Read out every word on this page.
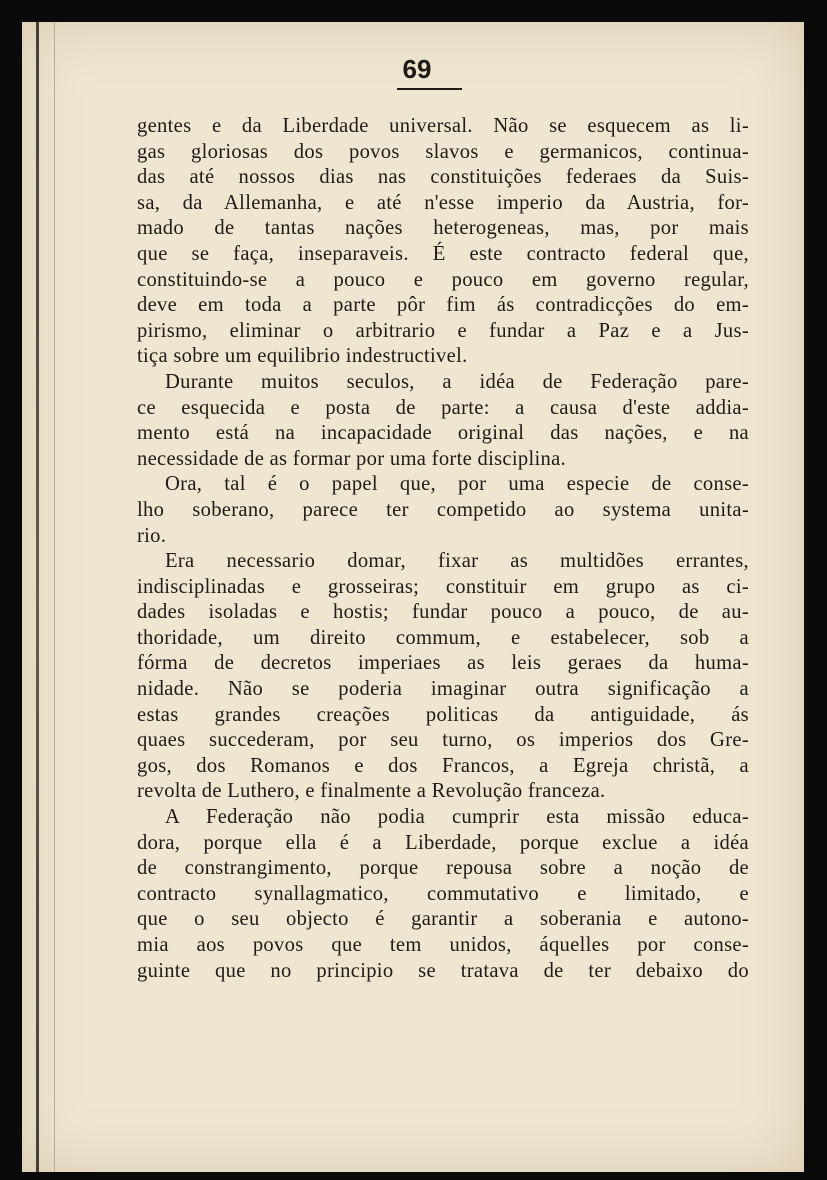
69
gentes e da Liberdade universal. Não se esquecem as li-
gas gloriosas dos povos slavos e germanicos, continua-
das até nossos dias nas constituições federaes da Suis-
sa, da Allemanha, e até n'esse imperio da Austria, for-
mado de tantas nações heterogeneas, mas, por mais
que se faça, inseparaveis. É este contracto federal que,
constituindo-se a pouco e pouco em governo regular,
deve em toda a parte pôr fim ás contradicções do em-
pirismo, eliminar o arbitrario e fundar a Paz e a Jus-
tiça sobre um equilibrio indestructivel.
Durante muitos seculos, a idéa de Federação pare-
ce esquecida e posta de parte: a causa d'este addia-
mento está na incapacidade original das nações, e na
necessidade de as formar por uma forte disciplina.
Ora, tal é o papel que, por uma especie de conse-
lho soberano, parece ter competido ao systema unita-
rio.
Era necessario domar, fixar as multidões errantes,
indisciplinadas e grosseiras; constituir em grupo as ci-
dades isoladas e hostis; fundar pouco a pouco, de au-
thoridade, um direito commum, e estabelecer, sob a
fórma de decretos imperiaes as leis geraes da huma-
nidade. Não se poderia imaginar outra significação a
estas grandes creações politicas da antiguidade, ás
quaes succederam, por seu turno, os imperios dos Gre-
gos, dos Romanos e dos Francos, a Egreja christã, a
revolta de Luthero, e finalmente a Revolução franceza.
A Federação não podia cumprir esta missão educa-
dora, porque ella é a Liberdade, porque exclue a idéa
de constrangimento, porque repousa sobre a noção de
contracto synallagmatico, commutativo e limitado, e
que o seu objecto é garantir a soberania e autono-
mia aos povos que tem unidos, áquelles por conse-
guinte que no principio se tratava de ter debaixo do
